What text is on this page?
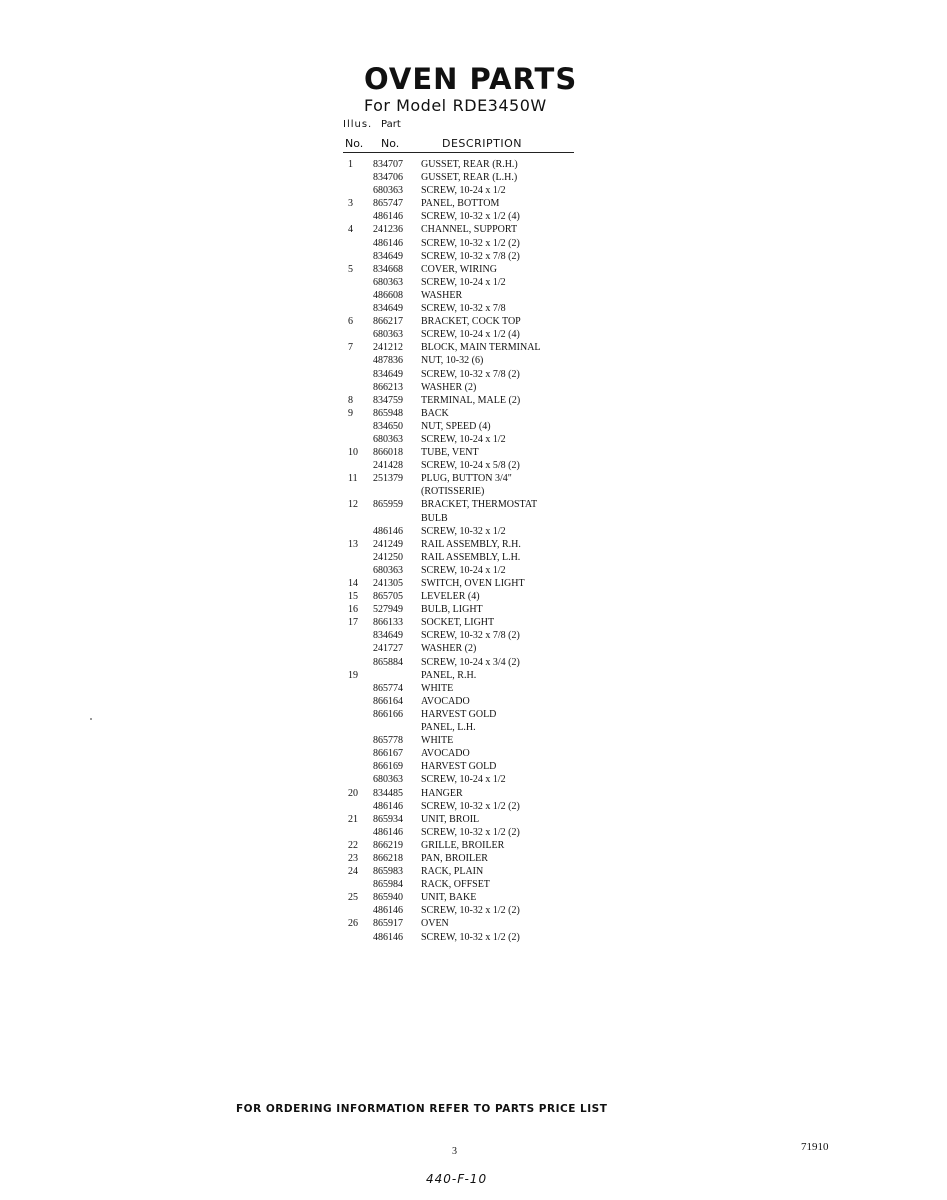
OVEN PARTS
For Model RDE3450W
Illus. Part
No. No.	DESCRIPTION
1	834707	GUSSET, REAR (R.H.)
834706	GUSSET, REAR (L.H.)
680363	SCREW, 10-24 x 1/2
3	865747	PANEL, BOTTOM
486146	SCREW, 10-32 x 1/2 (4)
4	241236	CHANNEL, SUPPORT
486146	SCREW, 10-32 x 1/2 (2)
834649	SCREW, 10-32 x 7/8 (2)
5	834668	COVER, WIRING
680363	SCREW, 10-24 x 1/2
486608	WASHER
834649	SCREW, 10-32 x 7/8
6	866217	BRACKET, COCK TOP
680363	SCREW, 10-24 x 1/2 (4)
7	241212	BLOCK, MAIN TERMINAL
487836	NUT, 10-32 (6)
834649	SCREW, 10-32 x 7/8 (2)
866213	WASHER (2)
8	834759	TERMINAL, MALE (2)
9	865948	BACK
834650	NUT, SPEED (4)
680363	SCREW, 10-24 x 1/2
10	866018	TUBE, VENT
241428	SCREW, 10-24 x 5/8 (2)
11	251379	PLUG, BUTTON 3/4"
(ROTISSERIE)
12	865959	BRACKET, THERMOSTAT
BULB
486146	SCREW, 10-32 x 1/2
13	241249	RAIL ASSEMBLY, R.H.
241250	RAIL ASSEMBLY, L.H.
680363	SCREW, 10-24 x 1/2
14	241305	SWITCH, OVEN LIGHT
15	865705	LEVELER (4)
16	527949	BULB, LIGHT
17	866133	SOCKET, LIGHT
834649	SCREW, 10-32 x 7/8 (2)
241727	WASHER (2)
865884	SCREW, 10-24 x 3/4 (2)
19	PANEL, R.H.
865774	WHITE
866164	AVOCADO
866166	HARVEST GOLD
PANEL, L.H.
865778	WHITE
866167	AVOCADO
866169	HARVEST GOLD
680363	SCREW, 10-24 x 1/2
20	834485	HANGER
486146	SCREW, 10-32 x 1/2 (2)
21	865934	UNIT, BROIL
486146	SCREW, 10-32 x 1/2 (2)
22	866219	GRILLE, BROILER
23	866218	PAN, BROILER
24	865983	RACK, PLAIN
865984	RACK, OFFSET
25	865940	UNIT, BAKE
486146	SCREW, 10-32 x 1/2 (2)
26	865917	OVEN
486146	SCREW, 10-32 x 1/2 (2)
FOR ORDERING INFORMATION REFER TO PARTS PRICE LIST
3	71910
440-F-10
